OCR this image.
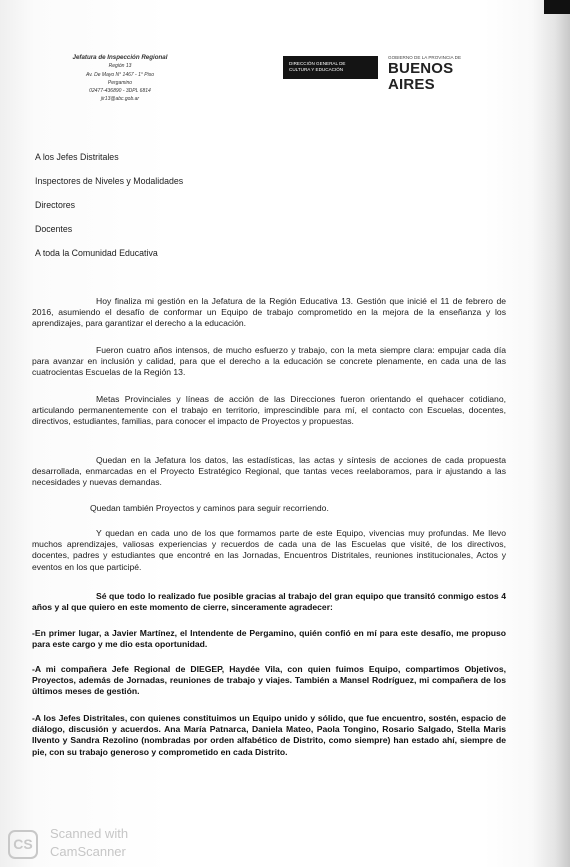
Jefatura de Inspección Regional
Región 13
Av. De Mayo N° 1467 - 1° Piso
Pergamino
02477-436890 - 3DPL 6814
jir13@abc.gob.ar
DIRECCIÓN GENERAL DE
CULTURA Y EDUCACIÓN
GOBIERNO DE LA PROVINCIA DE
BUENOS AIRES
A los Jefes Distritales
Inspectores de Niveles y Modalidades
Directores
Docentes
A toda la Comunidad Educativa
Hoy finaliza mi gestión en la Jefatura de la Región Educativa 13. Gestión que inicié el 11 de febrero de 2016, asumiendo el desafío de conformar un Equipo de trabajo comprometido en la mejora de la enseñanza y los aprendizajes, para garantizar el derecho a la educación.
Fueron cuatro años intensos, de mucho esfuerzo y trabajo, con la meta siempre clara: empujar cada día para avanzar en inclusión y calidad, para que el derecho a la educación se concrete plenamente, en cada una de las cuatrocientas Escuelas de la Región 13.
Metas Provinciales y líneas de acción de las Direcciones fueron orientando el quehacer cotidiano, articulando permanentemente con el trabajo en territorio, imprescindible para mí, el contacto con Escuelas, docentes, directivos, estudiantes, familias, para conocer el impacto de Proyectos y propuestas.
Quedan en la Jefatura los datos, las estadísticas, las actas y síntesis de acciones de cada propuesta desarrollada, enmarcadas en el Proyecto Estratégico Regional, que tantas veces reelaboramos, para ir ajustando a las necesidades y nuevas demandas.
Quedan también Proyectos y caminos para seguir recorriendo.
Y quedan en cada uno de los que formamos parte de este Equipo, vivencias muy profundas. Me llevo muchos aprendizajes, valiosas experiencias y recuerdos de cada una de las Escuelas que visité, de los directivos, docentes, padres y estudiantes que encontré en las Jornadas, Encuentros Distritales, reuniones institucionales, Actos y eventos en los que participé.
Sé que todo lo realizado fue posible gracias al trabajo del gran equipo que transitó conmigo estos 4 años y al que quiero en este momento de cierre, sinceramente agradecer:
-En primer lugar, a Javier Martínez, el Intendente de Pergamino, quién confió en mí para este desafío, me propuso para este cargo y me dio esta oportunidad.
-A mi compañera Jefe Regional de DIEGEP, Haydée Vila, con quien fuimos Equipo, compartimos Objetivos, Proyectos, además de Jornadas, reuniones de trabajo y viajes. También a Mansel Rodríguez, mi compañera de los últimos meses de gestión.
-A los Jefes Distritales, con quienes constituimos un Equipo unido y sólido, que fue encuentro, sostén, espacio de diálogo, discusión y acuerdos. Ana María Patnarca, Daniela Mateo, Paola Tongino, Rosario Salgado, Stella Maris Ilvento y Sandra Rezolino (nombradas por orden alfabético de Distrito, como siempre) han estado ahí, siempre de pie, con su trabajo generoso y comprometido en cada Distrito.
CS
Scanned with
CamScanner
